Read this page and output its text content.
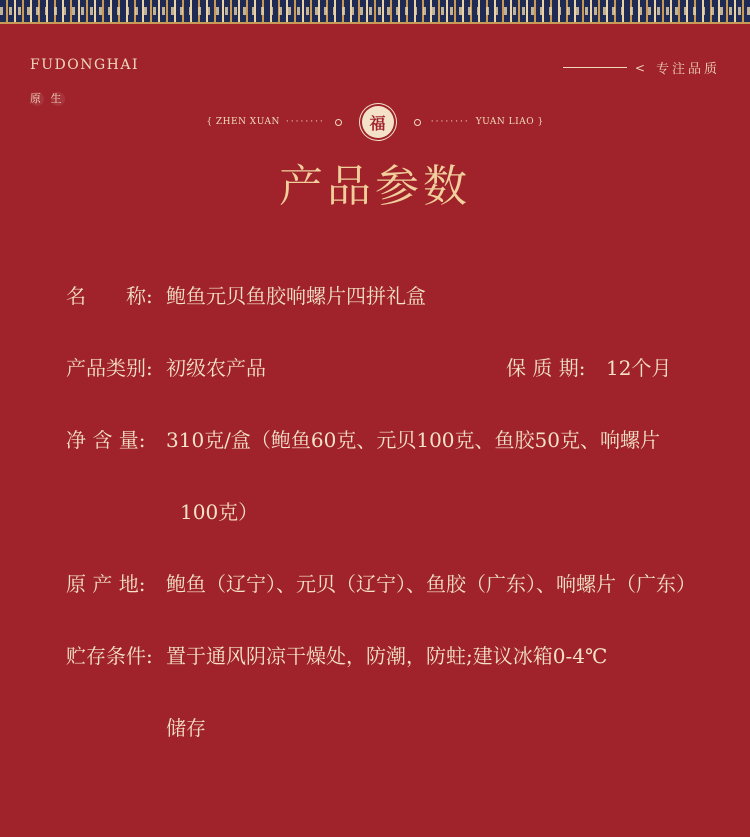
FUDONGHAI
原 生
< 专注品质
{ ZHEN XUAN ········	福	········ YUAN LIAO }
产品参数
名　　称: 鲍鱼元贝鱼胶响螺片四拼礼盒
产品类别: 初级农产品	保 质 期: 12个月
净 含 量: 310克/盒（鲍鱼60克、元贝100克、鱼胶50克、响螺片
100克）
原 产 地: 鲍鱼（辽宁）、元贝（辽宁）、鱼胶（广东）、响螺片（广东）
贮存条件: 置于通风阴凉干燥处，防潮，防蛀;建议冰箱0-4℃
储存
